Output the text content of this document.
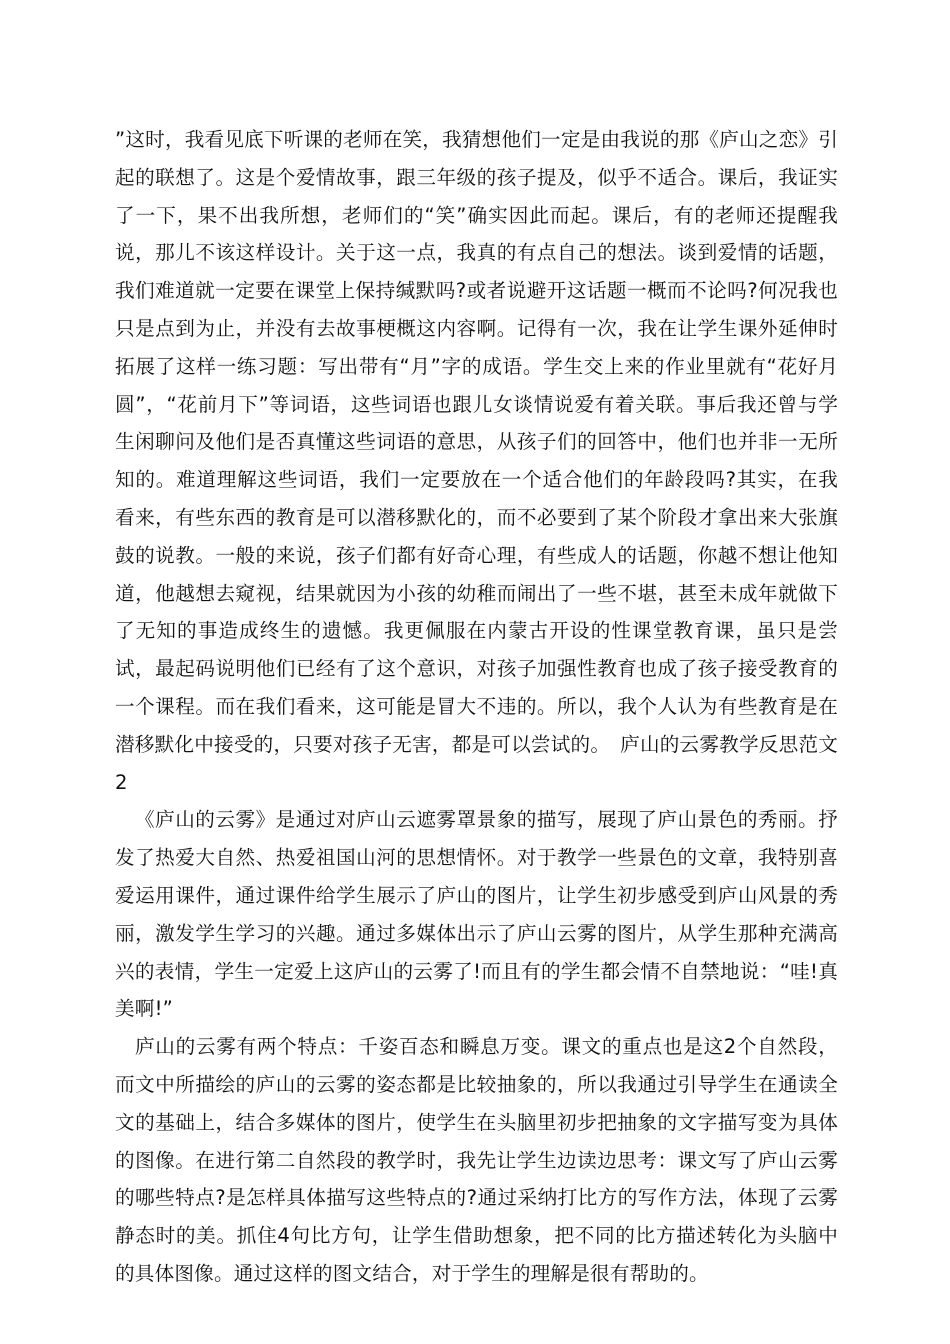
”这时，我看见底下听课的老师在笑，我猜想他们一定是由我说的那《庐山之恋》引起的联想了。这是个爱情故事，跟三年级的孩子提及，似乎不适合。课后，我证实了一下，果不出我所想，老师们的“笑”确实因此而起。课后，有的老师还提醒我说，那儿不该这样设计。关于这一点，我真的有点自己的想法。谈到爱情的话题，我们难道就一定要在课堂上保持缄默吗?或者说避开这话题一概而不论吗?何况我也只是点到为止，并没有去故事梗概这内容啊。记得有一次，我在让学生课外延伸时拓展了这样一练习题：写出带有“月”字的成语。学生交上来的作业里就有“花好月圆”，“花前月下”等词语，这些词语也跟儿女谈情说爱有着关联。事后我还曾与学生闲聊问及他们是否真懂这些词语的意思，从孩子们的回答中，他们也并非一无所知的。难道理解这些词语，我们一定要放在一个适合他们的年龄段吗?其实，在我看来，有些东西的教育是可以潜移默化的，而不必要到了某个阶段才拿出来大张旗鼓的说教。一般的来说，孩子们都有好奇心理，有些成人的话题，你越不想让他知道，他越想去窥视，结果就因为小孩的幼稚而闹出了一些不堪，甚至未成年就做下了无知的事造成终生的遗憾。我更佩服在内蒙古开设的性课堂教育课，虽只是尝试，最起码说明他们已经有了这个意识，对孩子加强性教育也成了孩子接受教育的一个课程。而在我们看来，这可能是冒大不违的。所以，我个人认为有些教育是在潜移默化中接受的，只要对孩子无害，都是可以尝试的。　庐山的云雾教学反思范文2

《庐山的云雾》是通过对庐山云遮雾罩景象的描写，展现了庐山景色的秀丽。抒发了热爱大自然、热爱祖国山河的思想情怀。对于教学一些景色的文章，我特别喜爱运用课件，通过课件给学生展示了庐山的图片，让学生初步感受到庐山风景的秀丽，激发学生学习的兴趣。通过多媒体出示了庐山云雾的图片，从学生那种充满高兴的表情，学生一定爱上这庐山的云雾了!而且有的学生都会情不自禁地说：“哇!真美啊!”

庐山的云雾有两个特点：千姿百态和瞬息万变。课文的重点也是这2个自然段，而文中所描绘的庐山的云雾的姿态都是比较抽象的，所以我通过引导学生在通读全文的基础上，结合多媒体的图片，使学生在头脑里初步把抽象的文字描写变为具体的图像。在进行第二自然段的教学时，我先让学生边读边思考：课文写了庐山云雾的哪些特点?是怎样具体描写这些特点的?通过采纳打比方的写作方法，体现了云雾静态时的美。抓住4句比方句，让学生借助想象，把不同的比方描述转化为头脑中的具体图像。通过这样的图文结合，对于学生的理解是很有帮助的。
